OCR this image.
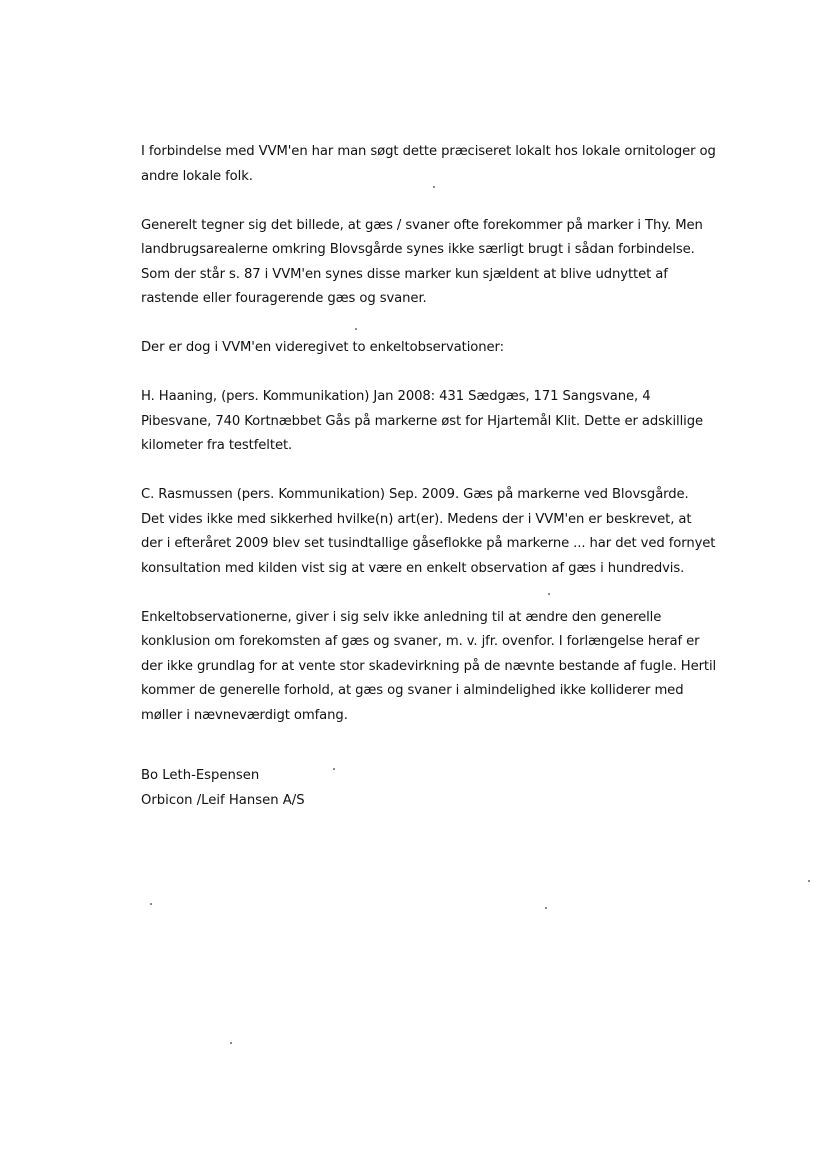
I forbindelse med VVM'en har man søgt dette præciseret lokalt hos lokale ornitologer og
andre lokale folk.

Generelt tegner sig det billede, at gæs / svaner ofte forekommer på marker i Thy. Men
landbrugsarealerne omkring Blovsgårde synes ikke særligt brugt i sådan forbindelse.
Som der står s. 87 i VVM'en synes disse marker kun sjældent at blive udnyttet af
rastende eller fouragerende gæs og svaner.

Der er dog i VVM'en videregivet to enkeltobservationer:

H. Haaning, (pers. Kommunikation) Jan 2008: 431 Sædgæs, 171 Sangsvane, 4
Pibesvane, 740 Kortnæbbet Gås på markerne øst for Hjartemål Klit. Dette er adskillige
kilometer fra testfeltet.

C. Rasmussen (pers. Kommunikation) Sep. 2009. Gæs på markerne ved Blovsgårde.
Det vides ikke med sikkerhed hvilke(n) art(er). Medens der i VVM'en er beskrevet, at
der i efteråret 2009 blev set tusindtallige gåseflokke på markerne ... har det ved fornyet
konsultation med kilden vist sig at være en enkelt observation af gæs i hundredvis.

Enkeltobservationerne, giver i sig selv ikke anledning til at ændre den generelle
konklusion om forekomsten af gæs og svaner, m. v. jfr. ovenfor. I forlængelse heraf er
der ikke grundlag for at vente stor skadevirkning på de nævnte bestande af fugle. Hertil
kommer de generelle forhold, at gæs og svaner i almindelighed ikke kolliderer med
møller i nævneværdigt omfang.

Bo Leth-Espensen
Orbicon /Leif Hansen A/S
